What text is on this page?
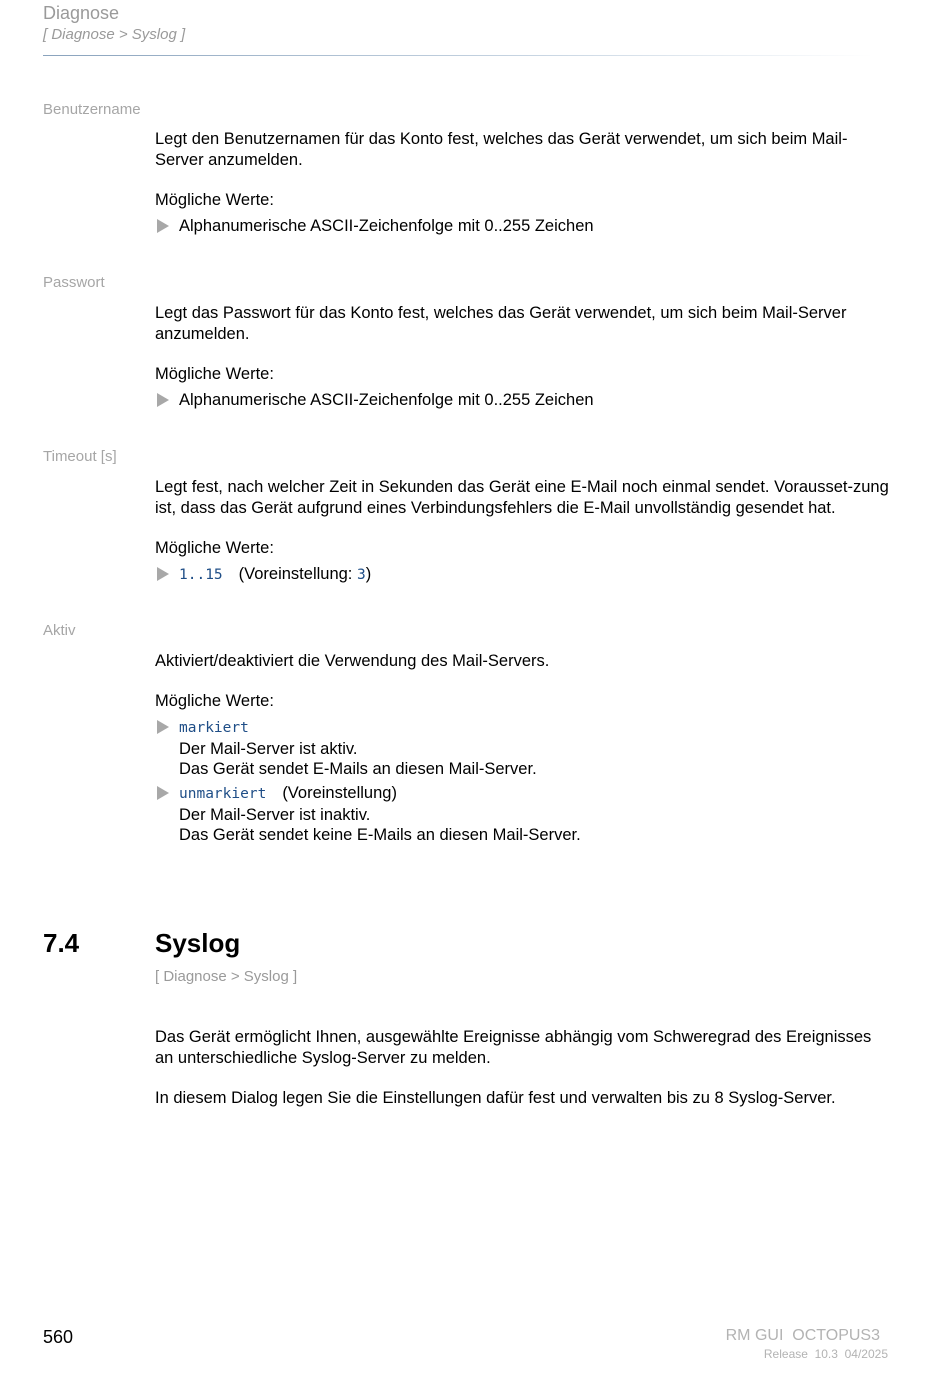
Diagnose
[ Diagnose > Syslog ]
Benutzername
Legt den Benutzernamen für das Konto fest, welches das Gerät verwendet, um sich beim Mail-Server anzumelden.
Mögliche Werte:
Alphanumerische ASCII-Zeichenfolge mit 0..255 Zeichen
Passwort
Legt das Passwort für das Konto fest, welches das Gerät verwendet, um sich beim Mail-Server anzumelden.
Mögliche Werte:
Alphanumerische ASCII-Zeichenfolge mit 0..255 Zeichen
Timeout [s]
Legt fest, nach welcher Zeit in Sekunden das Gerät eine E-Mail noch einmal sendet. Vorausset-zung ist, dass das Gerät aufgrund eines Verbindungsfehlers die E-Mail unvollständig gesendet hat.
Mögliche Werte:
1..15 (Voreinstellung: 3)
Aktiv
Aktiviert/deaktiviert die Verwendung des Mail-Servers.
Mögliche Werte:
markiert
Der Mail-Server ist aktiv.
Das Gerät sendet E-Mails an diesen Mail-Server.
unmarkiert (Voreinstellung)
Der Mail-Server ist inaktiv.
Das Gerät sendet keine E-Mails an diesen Mail-Server.
7.4	Syslog
[ Diagnose > Syslog ]
Das Gerät ermöglicht Ihnen, ausgewählte Ereignisse abhängig vom Schweregrad des Ereignisses an unterschiedliche Syslog-Server zu melden.
In diesem Dialog legen Sie die Einstellungen dafür fest und verwalten bis zu 8 Syslog-Server.
560	RM GUI  OCTOPUS3
Release  10.3  04/2025
